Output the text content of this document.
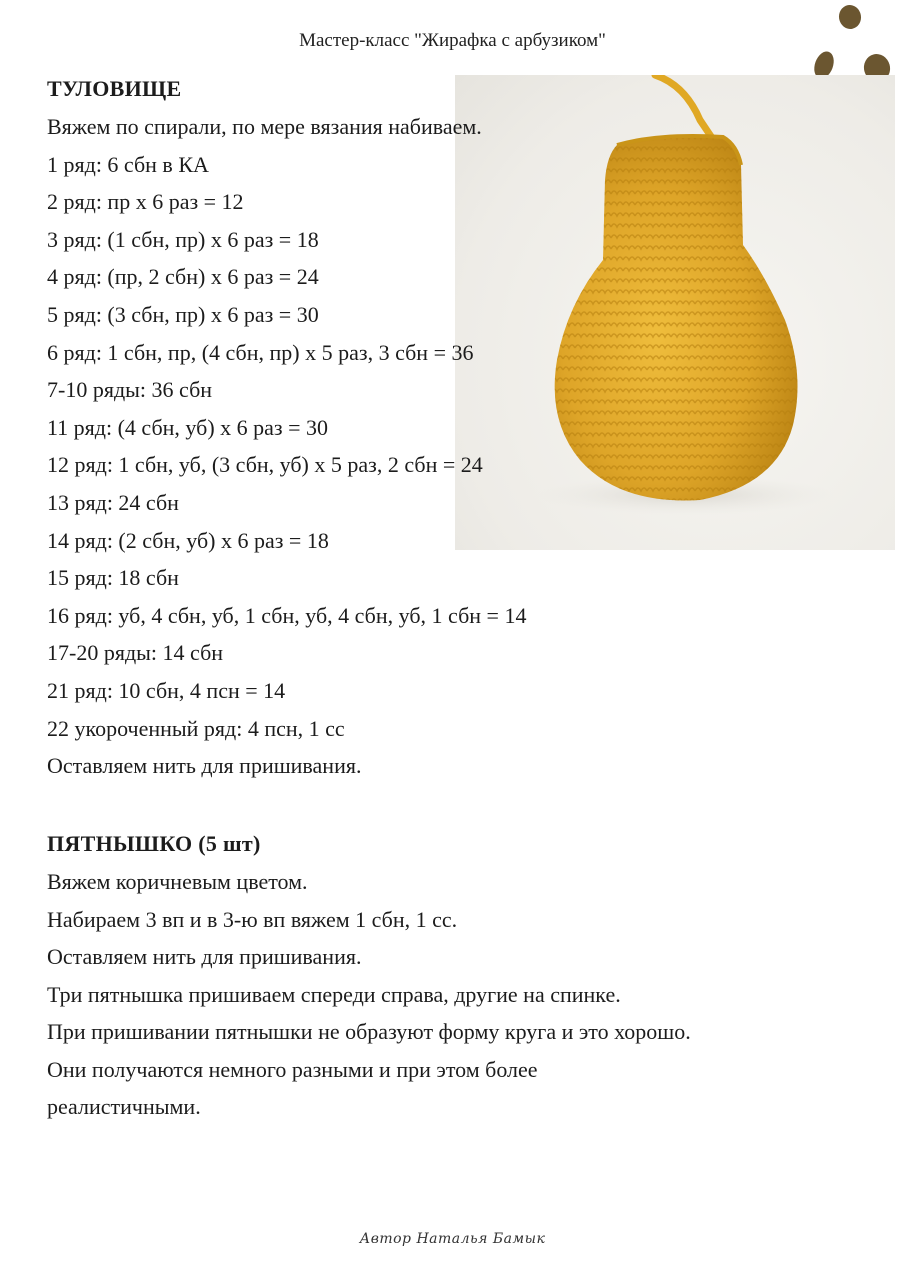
Мастер-класс "Жирафка с арбузиком"
ТУЛОВИЩЕ
Вяжем по спирали, по мере вязания набиваем.
1 ряд: 6 сбн в КА
2 ряд: пр х 6 раз = 12
3 ряд: (1 сбн, пр) х 6 раз = 18
4 ряд: (пр, 2 сбн) х 6 раз = 24
5 ряд: (3 сбн, пр) х 6 раз = 30
6 ряд: 1 сбн, пр, (4 сбн, пр) х 5 раз, 3 сбн = 36
7-10 ряды: 36 сбн
11 ряд: (4 сбн, уб) х 6 раз = 30
12 ряд: 1 сбн, уб, (3 сбн, уб) х 5 раз, 2 сбн = 24
13 ряд: 24 сбн
14 ряд: (2 сбн, уб) х 6 раз = 18
15 ряд: 18 сбн
16 ряд: уб, 4 сбн, уб, 1 сбн, уб, 4 сбн, уб, 1 сбн = 14
17-20 ряды: 14 сбн
21 ряд: 10 сбн, 4 псн = 14
22 укороченный ряд: 4 псн, 1 сс
Оставляем нить для пришивания.
ПЯТНЫШКО (5 шт)
Вяжем коричневым цветом.
Набираем 3 вп и в 3-ю вп вяжем 1 сбн, 1 сс.
Оставляем нить для пришивания.
Три пятнышка пришиваем спереди справа, другие на спинке.
При пришивании пятнышки не образуют форму круга и это хорошо.
Они получаются немного разными и при этом более
реалистичными.
Автор Наталья Бамык
